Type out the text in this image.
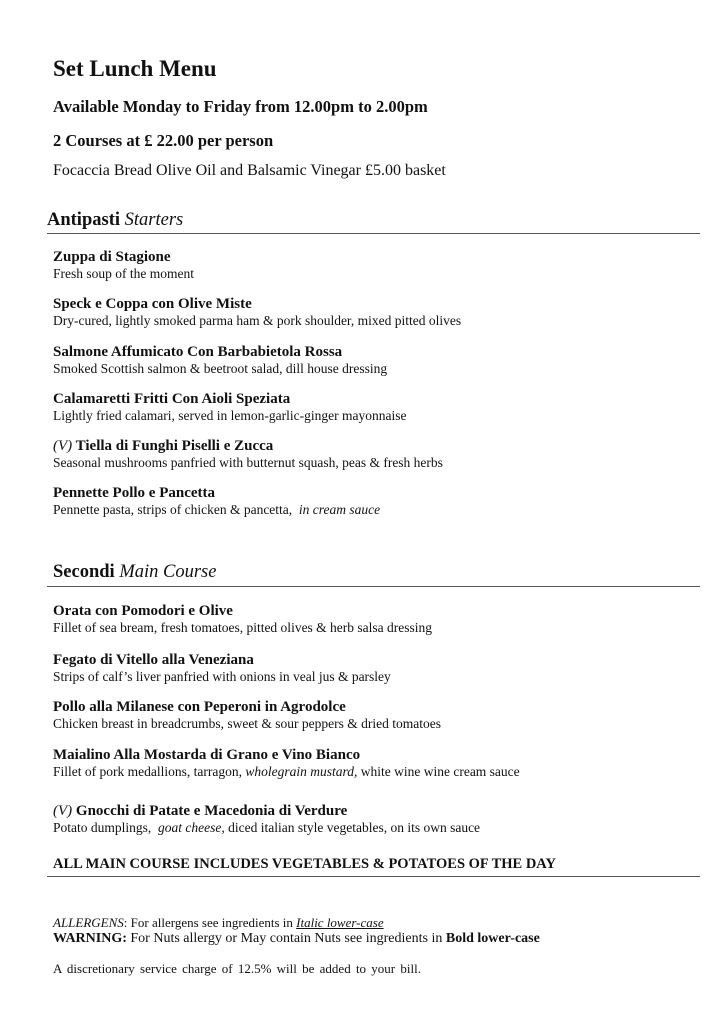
Set Lunch Menu
Available Monday to Friday from 12.00pm to 2.00pm
2 Courses at £ 22.00 per person
Focaccia Bread Olive Oil and Balsamic Vinegar £5.00 basket
Antipasti Starters
Zuppa di Stagione
Fresh soup of the moment
Speck e Coppa con Olive Miste
Dry-cured, lightly smoked parma ham & pork shoulder, mixed pitted olives
Salmone Affumicato Con Barbabietola Rossa
Smoked Scottish salmon & beetroot salad, dill house dressing
Calamaretti Fritti Con Aioli Speziata
Lightly fried calamari, served in lemon-garlic-ginger mayonnaise
(V) Tiella di Funghi Piselli e Zucca
Seasonal mushrooms panfried with butternut squash, peas & fresh herbs
Pennette Pollo e Pancetta
Pennette pasta, strips of chicken & pancetta,  in cream sauce
Secondi Main Course
Orata con Pomodori e Olive
Fillet of sea bream, fresh tomatoes, pitted olives & herb salsa dressing
Fegato di Vitello alla Veneziana
Strips of calf’s liver panfried with onions in veal jus & parsley
Pollo alla Milanese con Peperoni in Agrodolce
Chicken breast in breadcrumbs, sweet & sour peppers & dried tomatoes
Maialino Alla Mostarda di Grano e Vino Bianco
Fillet of pork medallions, tarragon, wholegrain mustard, white wine wine cream sauce
(V) Gnocchi di Patate e Macedonia di Verdure
Potato dumplings,  goat cheese, diced italian style vegetables, on its own sauce
ALL MAIN COURSE INCLUDES VEGETABLES & POTATOES OF THE DAY
ALLERGENS: For allergens see ingredients in Italic lower-case
WARNING: For Nuts allergy or May contain Nuts see ingredients in Bold lower-case
A discretionary service charge of 12.5% will be added to your bill.
